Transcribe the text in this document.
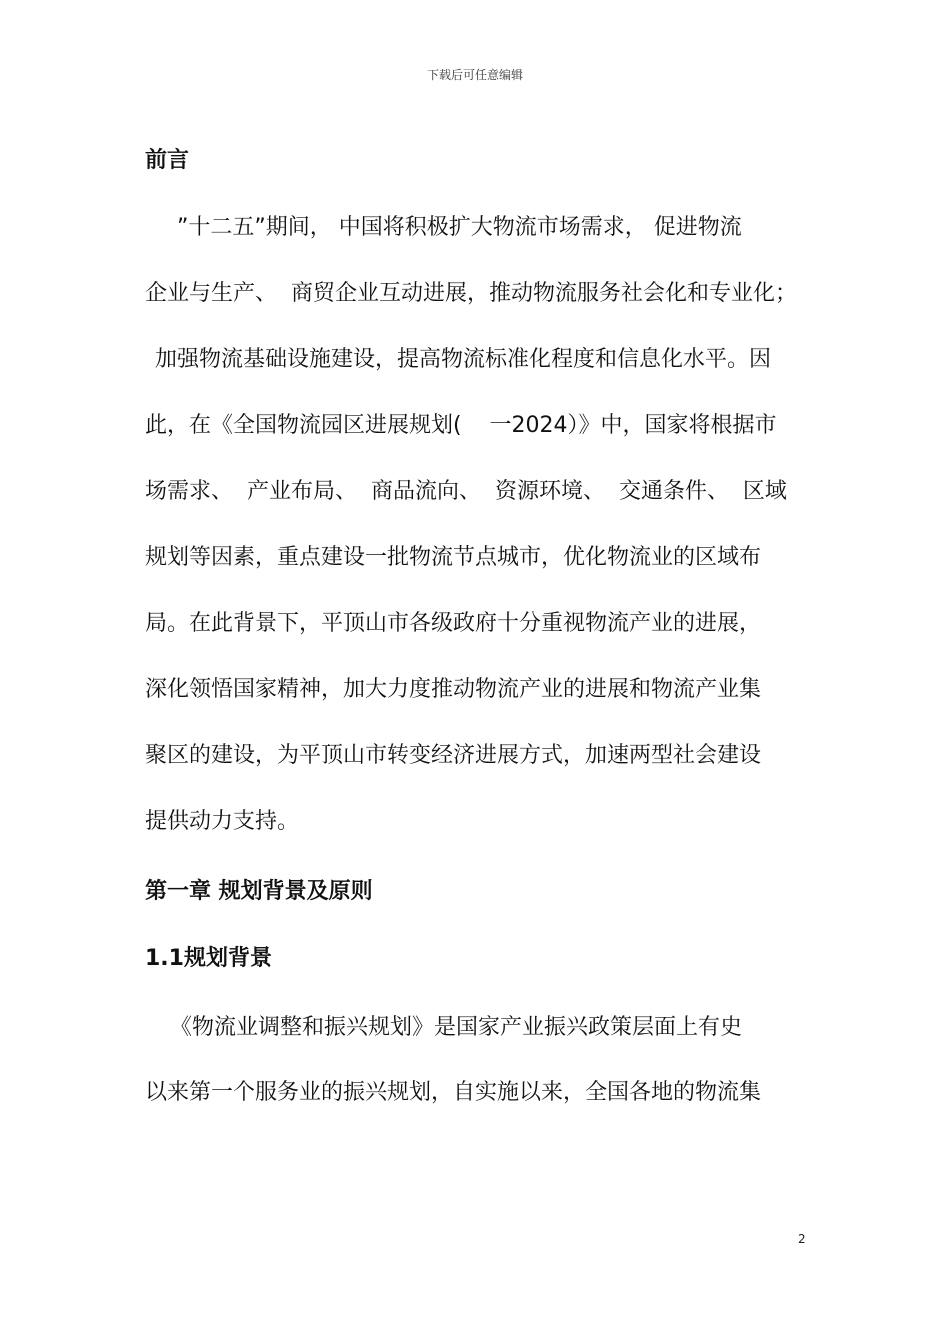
下载后可任意编辑
前言
”十二五”期间， 中国将积极扩大物流市场需求， 促进物流
企业与生产、  商贸企业互动进展，推动物流服务社会化和专业化；
加强物流基础设施建设，提高物流标准化程度和信息化水平。因
此，在《全国物流园区进展规划(    一2024）》中，国家将根据市
场需求、  产业布局、  商品流向、  资源环境、  交通条件、  区域
规划等因素，重点建设一批物流节点城市，优化物流业的区域布
局。在此背景下，平顶山市各级政府十分重视物流产业的进展，
深化领悟国家精神，加大力度推动物流产业的进展和物流产业集
聚区的建设，为平顶山市转变经济进展方式，加速两型社会建设
提供动力支持。
第一章 规划背景及原则
1.1规划背景
《物流业调整和振兴规划》是国家产业振兴政策层面上有史
以来第一个服务业的振兴规划，自实施以来，全国各地的物流集
2
